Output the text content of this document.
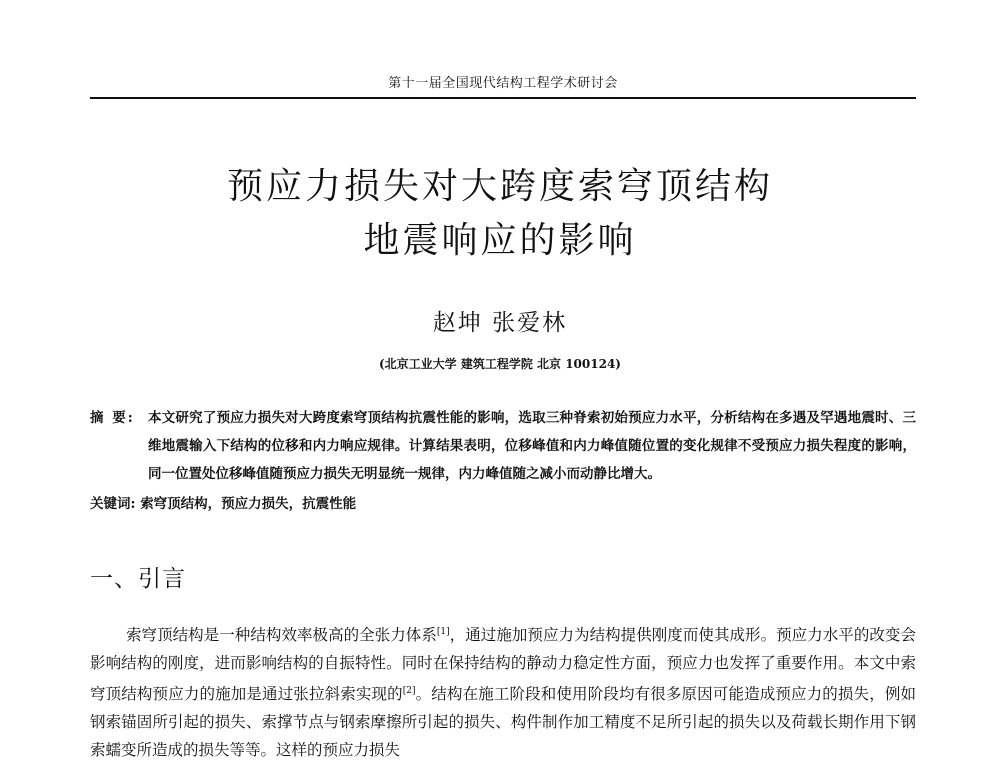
第十一届全国现代结构工程学术研讨会
预应力损失对大跨度索穹顶结构
地震响应的影响
赵坤 张爱林
(北京工业大学 建筑工程学院 北京 100124)
摘 要: 本文研究了预应力损失对大跨度索穹顶结构抗震性能的影响，选取三种脊索初始预应力水平，分析结构在多遇及罕遇地震时、三维地震输入下结构的位移和内力响应规律。计算结果表明，位移峰值和内力峰值随位置的变化规律不受预应力损失程度的影响，同一位置处位移峰值随预应力损失无明显统一规律，内力峰值随之减小而动静比增大。
关键词: 索穹顶结构，预应力损失，抗震性能
一、引言
索穹顶结构是一种结构效率极高的全张力体系[1]，通过施加预应力为结构提供刚度而使其成形。预应力水平的改变会影响结构的刚度，进而影响结构的自振特性。同时在保持结构的静动力稳定性方面，预应力也发挥了重要作用。本文中索穹顶结构预应力的施加是通过张拉斜索实现的[2]。结构在施工阶段和使用阶段均有很多原因可能造成预应力的损失，例如钢索锚固所引起的损失、索撑节点与钢索摩擦所引起的损失、构件制作加工精度不足所引起的损失以及荷载长期作用下钢索蠕变所造成的损失等等。这样的预应力损失
